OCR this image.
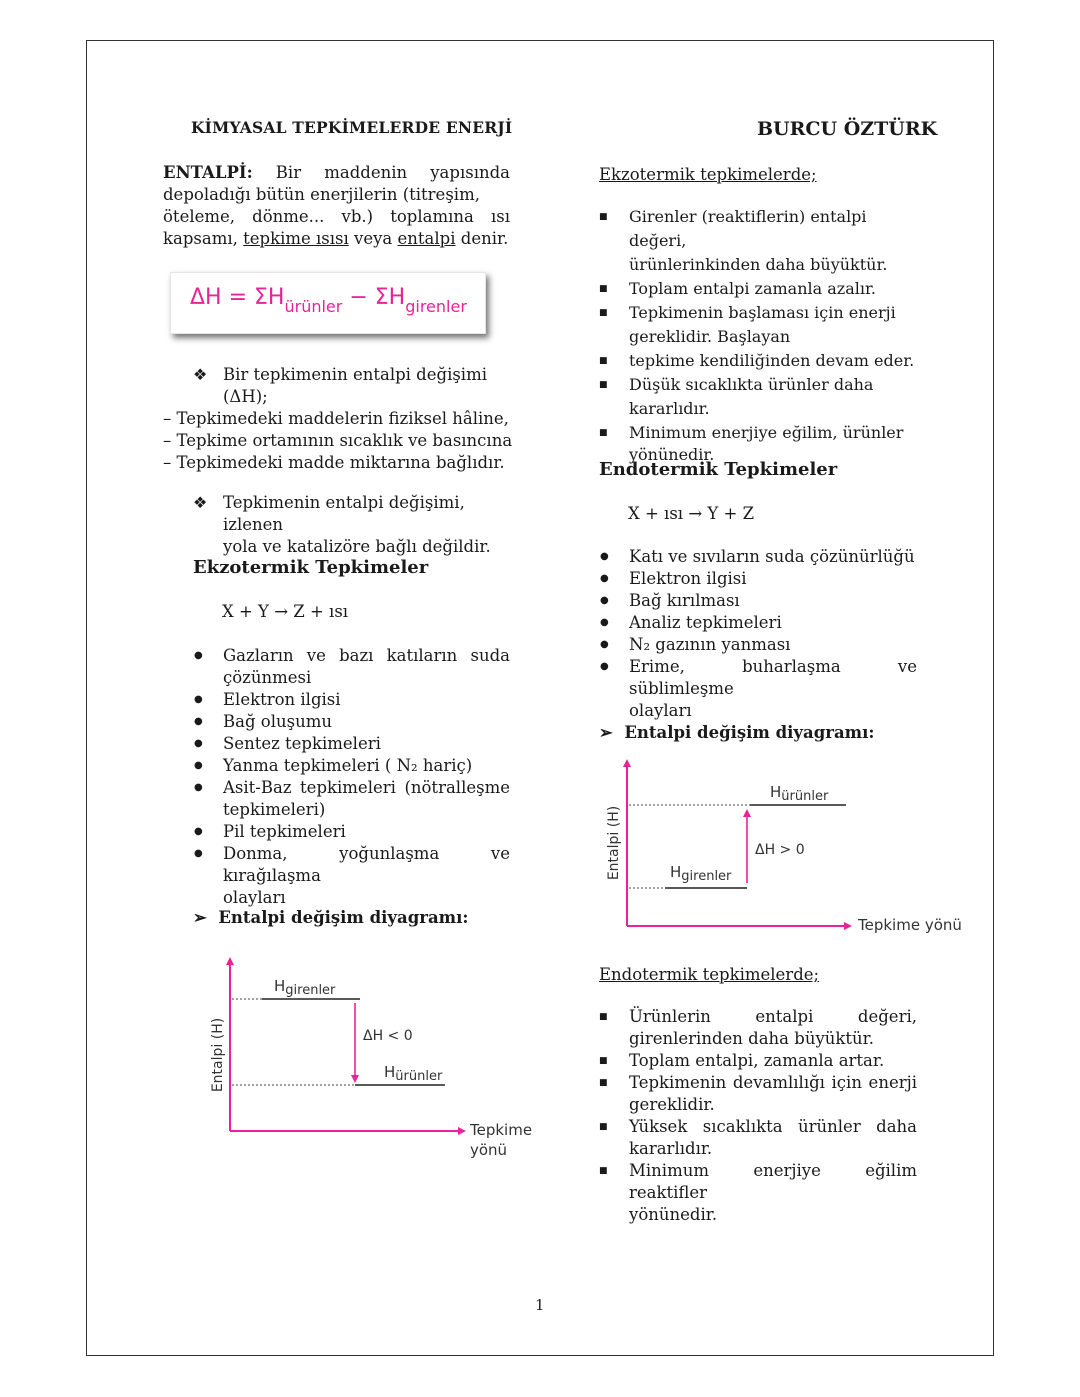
KİMYASAL TEPKİMELERDE ENERJİ	BURCU ÖZTÜRK
ENTALPİ: Bir maddenin yapısında
depoladığı bütün enerjilerin (titreşim,
öteleme, dönme... vb.) toplamına ısı
kapsamı, tepkime ısısı veya entalpi denir.
$\Delta H = \Sigma H_{ürünler} - \Sigma H_{girenler}$
❖ Bir tepkimenin entalpi değişimi
(ΔH);
– Tepkimedeki maddelerin fiziksel hâline,
– Tepkime ortamının sıcaklık ve basıncına
– Tepkimedeki madde miktarına bağlıdır.
❖ Tepkimenin entalpi değişimi, izlenen
yola ve katalizöre bağlı değildir.
Ekzotermik Tepkimeler
X + Y → Z + ısı
● Gazların ve bazı katıların suda
çözünmesi
● Elektron ilgisi
● Bağ oluşumu
● Sentez tepkimeleri
● Yanma tepkimeleri ( N₂ hariç)
● Asit-Baz tepkimeleri (nötralleşme
tepkimeleri)
● Pil tepkimeleri
● Donma, yoğunlaşma ve kırağılaşma
olayları
➢ Entalpi değişim diyagramı:
Entalpi (H)
Hgirenler
Hürünler
ΔH < 0
Tepkime
yönü
Ekzotermik tepkimelerde;
■ Girenler (reaktiflerin) entalpi değeri,
ürünlerinkinden daha büyüktür.
■ Toplam entalpi zamanla azalır.
■ Tepkimenin başlaması için enerji
gereklidir. Başlayan
■ tepkime kendiliğinden devam eder.
■ Düşük sıcaklıkta ürünler daha
kararlıdır.
■ Minimum enerjiye eğilim, ürünler
yönünedir.
Endotermik Tepkimeler
X + ısı → Y + Z
● Katı ve sıvıların suda çözünürlüğü
● Elektron ilgisi
● Bağ kırılması
● Analiz tepkimeleri
● N₂ gazının yanması
● Erime, buharlaşma ve süblimleşme
olayları
➢ Entalpi değişim diyagramı:
Entalpi (H)
Hürünler
Hgirenler
ΔH > 0
Tepkime yönü
Endotermik tepkimelerde;
■ Ürünlerin entalpi değeri,
girenlerinden daha büyüktür.
■ Toplam entalpi, zamanla artar.
■ Tepkimenin devamlılığı için enerji
gereklidir.
■ Yüksek sıcaklıkta ürünler daha
kararlıdır.
■ Minimum enerjiye eğilim reaktifler
yönünedir.
1
